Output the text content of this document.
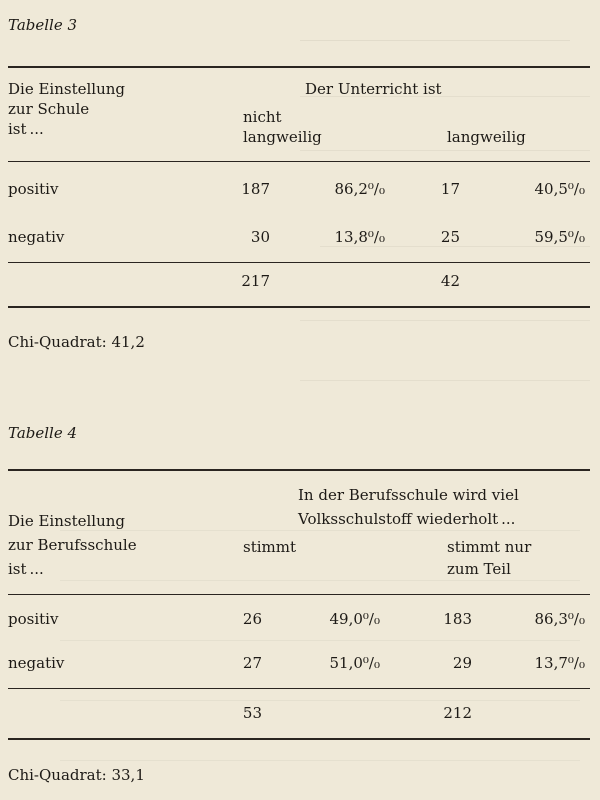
Tabelle 3
Die Einstellung
zur Schule
ist ...
Der Unterricht ist
nicht
langweilig	langweilig
positiv	187	86,2⁰/₀	17	40,5⁰/₀
negativ	30	13,8⁰/₀	25	59,5⁰/₀
217	42
Chi-Quadrat: 41,2
Tabelle 4
In der Berufsschule wird viel
Volksschulstoff wiederholt ...
Die Einstellung
zur Berufsschule
ist ...
stimmt	stimmt nur
zum Teil
positiv	26	49,0⁰/₀	183	86,3⁰/₀
negativ	27	51,0⁰/₀	29	13,7⁰/₀
53	212
Chi-Quadrat: 33,1
